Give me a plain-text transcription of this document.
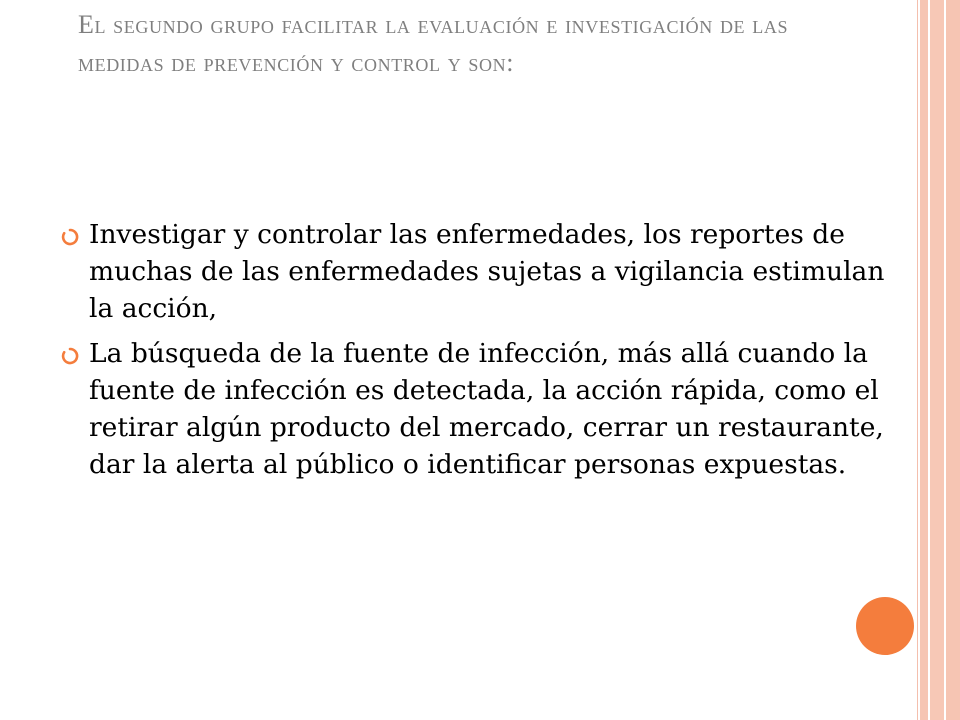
El segundo grupo facilitar la evaluación e investigación de las medidas de prevención y control y son:
Investigar y controlar las enfermedades, los reportes de muchas de las enfermedades sujetas a vigilancia estimulan la acción,
La búsqueda de la fuente de infección, más allá cuando la fuente de infección es detectada, la acción rápida, como el retirar algún producto del mercado, cerrar un restaurante, dar la alerta al público o identificar personas expuestas.
